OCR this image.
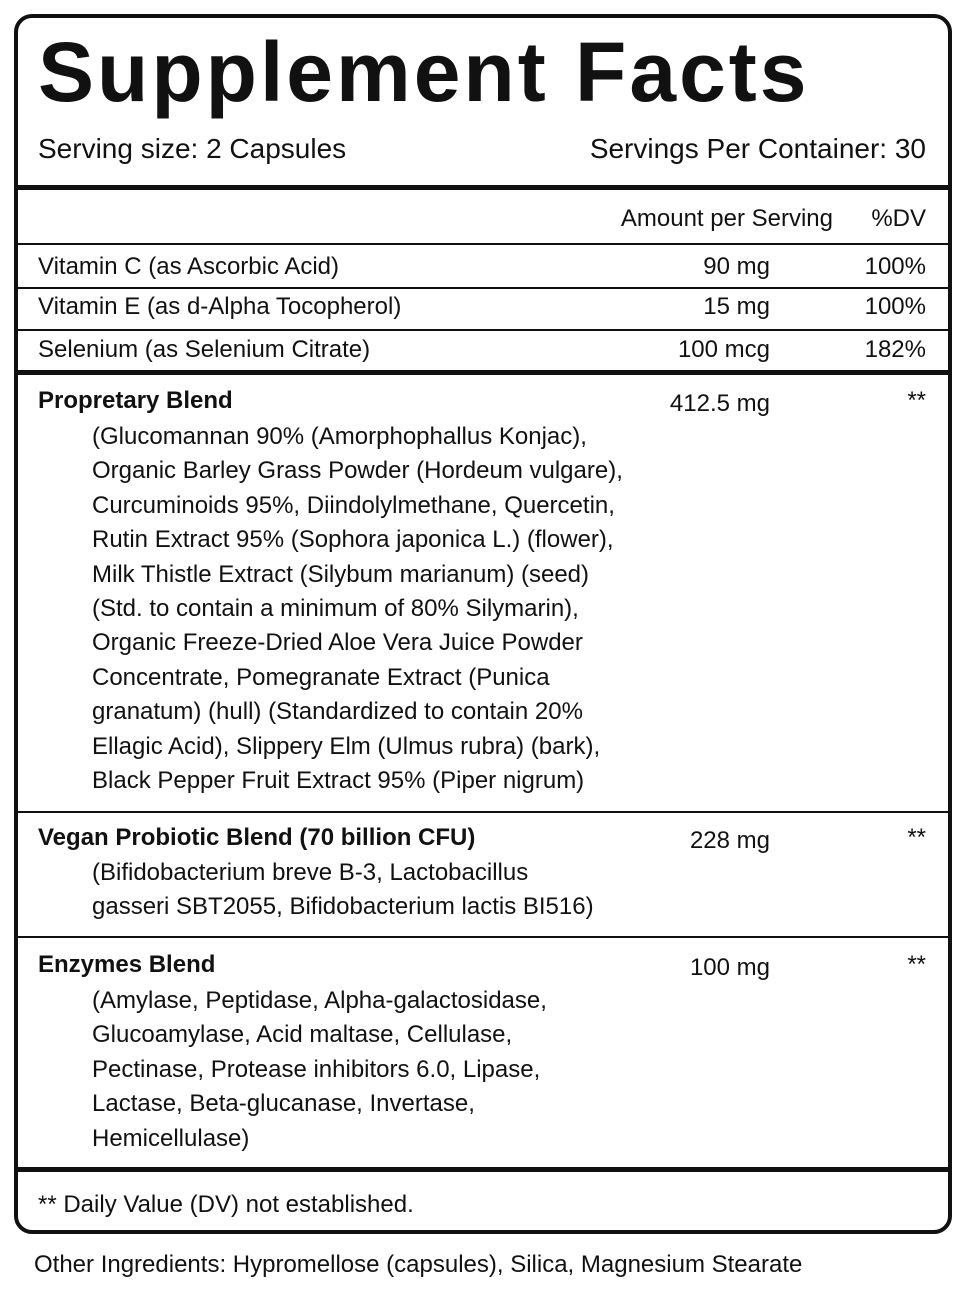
Supplement Facts
Serving size: 2 Capsules	Servings Per Container: 30
Amount per Serving %DV
Vitamin C (as Ascorbic Acid)	90 mg	100%
Vitamin E (as d-Alpha Tocopherol)	15 mg	100%
Selenium (as Selenium Citrate)	100 mcg	182%
Propretary Blend	412.5 mg	**
(Glucomannan 90% (Amorphophallus Konjac),
Organic Barley Grass Powder (Hordeum vulgare),
Curcuminoids 95%, Diindolylmethane, Quercetin,
Rutin Extract 95% (Sophora japonica L.) (flower),
Milk Thistle Extract (Silybum marianum) (seed)
(Std. to contain a minimum of 80% Silymarin),
Organic Freeze-Dried Aloe Vera Juice Powder
Concentrate, Pomegranate Extract (Punica
granatum) (hull) (Standardized to contain 20%
Ellagic Acid), Slippery Elm (Ulmus rubra) (bark),
Black Pepper Fruit Extract 95% (Piper nigrum)
Vegan Probiotic Blend (70 billion CFU)	228 mg	**
(Bifidobacterium breve B-3, Lactobacillus
gasseri SBT2055, Bifidobacterium lactis BI516)
Enzymes Blend	100 mg	**
(Amylase, Peptidase, Alpha-galactosidase,
Glucoamylase, Acid maltase, Cellulase,
Pectinase, Protease inhibitors 6.0, Lipase,
Lactase, Beta-glucanase, Invertase,
Hemicellulase)
** Daily Value (DV) not established.
Other Ingredients: Hypromellose (capsules), Silica, Magnesium Stearate
